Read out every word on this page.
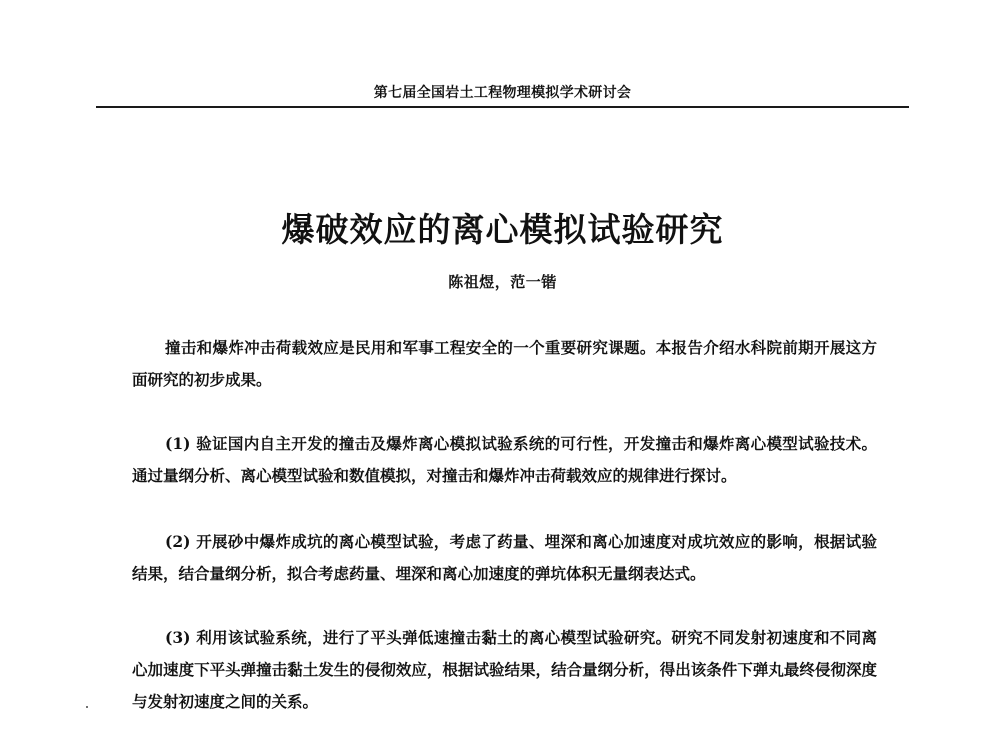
第七届全国岩土工程物理模拟学术研讨会
爆破效应的离心模拟试验研究
陈祖煜，范一锴

撞击和爆炸冲击荷载效应是民用和军事工程安全的一个重要研究课题。本报告介绍水科院前期开展这方面研究的初步成果。

(1) 验证国内自主开发的撞击及爆炸离心模拟试验系统的可行性，开发撞击和爆炸离心模型试验技术。通过量纲分析、离心模型试验和数值模拟，对撞击和爆炸冲击荷载效应的规律进行探讨。

(2) 开展砂中爆炸成坑的离心模型试验，考虑了药量、埋深和离心加速度对成坑效应的影响，根据试验结果，结合量纲分析，拟合考虑药量、埋深和离心加速度的弹坑体积无量纲表达式。

(3) 利用该试验系统，进行了平头弹低速撞击黏土的离心模型试验研究。研究不同发射初速度和不同离心加速度下平头弹撞击黏土发生的侵彻效应，根据试验结果，结合量纲分析，得出该条件下弹丸最终侵彻深度与发射初速度之间的关系。
